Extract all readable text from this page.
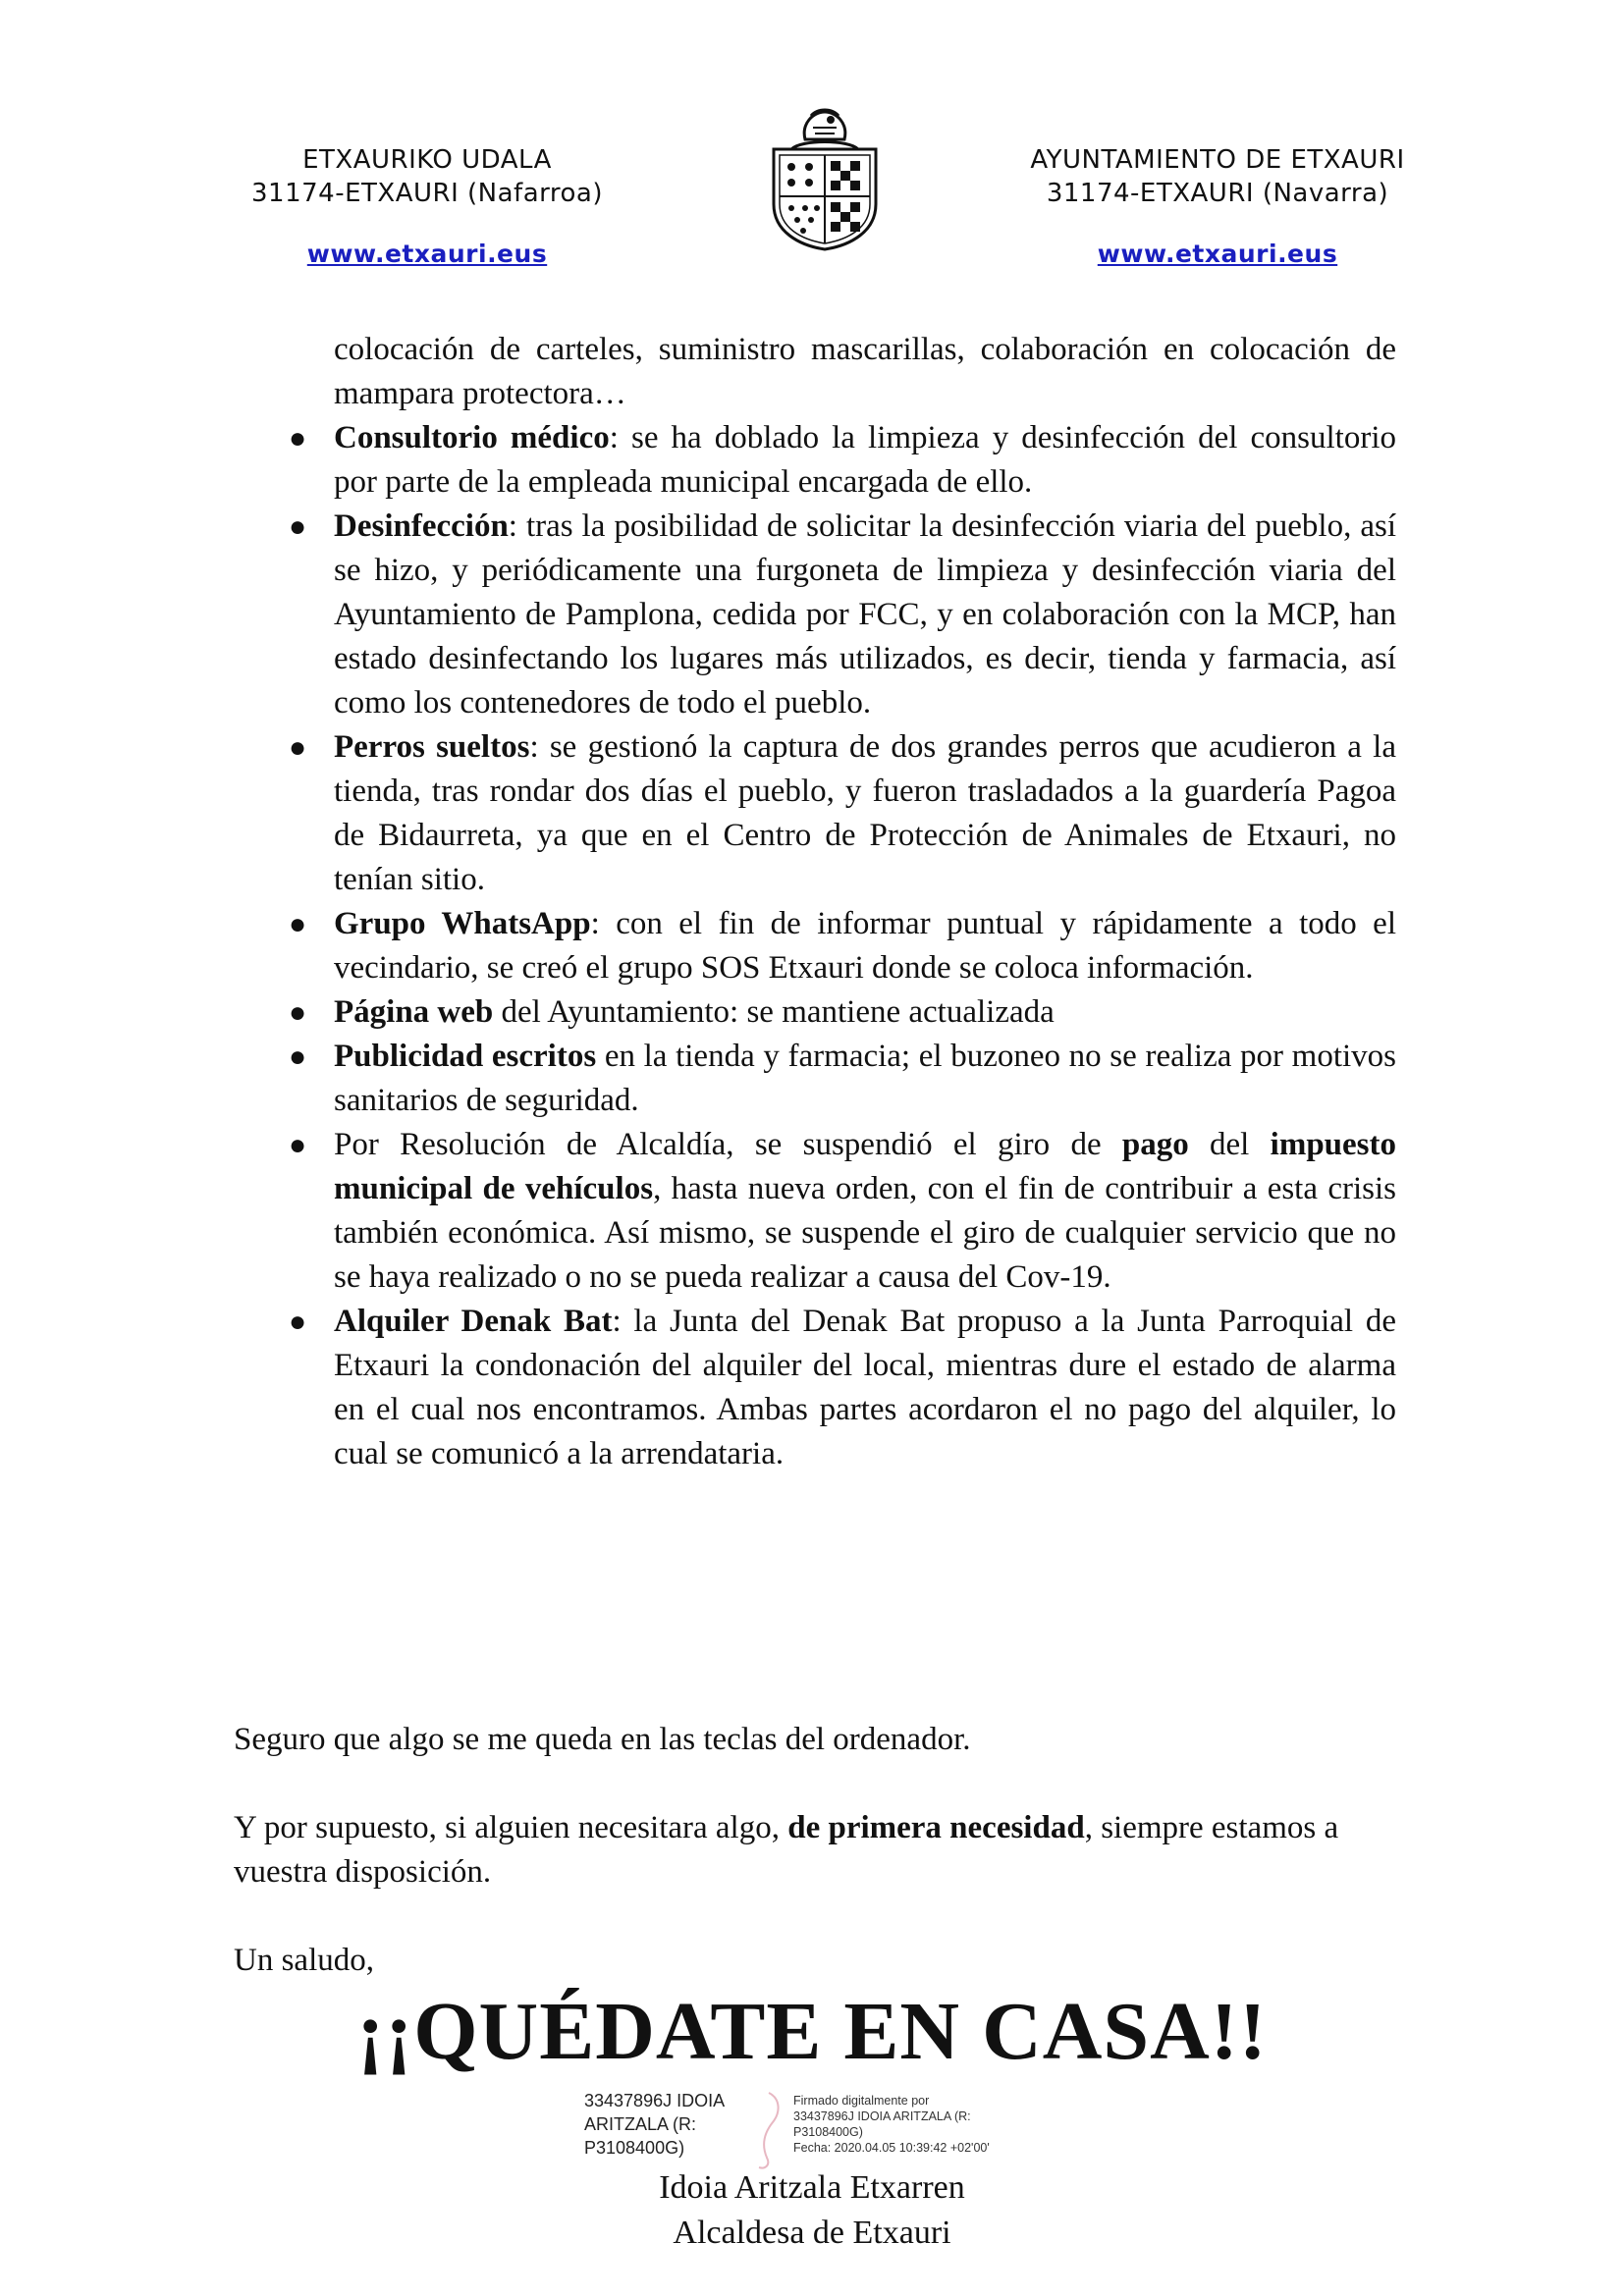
ETXAURIKO UDALA
31174-ETXAURI (Nafarroa)
www.etxauri.eus
AYUNTAMIENTO DE ETXAURI
31174-ETXAURI (Navarra)
www.etxauri.eus
colocación de carteles, suministro mascarillas, colaboración en colocación de mampara protectora…
● Consultorio médico: se ha doblado la limpieza y desinfección del consultorio por parte de la empleada municipal encargada de ello.
● Desinfección: tras la posibilidad de solicitar la desinfección viaria del pueblo, así se hizo, y periódicamente una furgoneta de limpieza y desinfección viaria del Ayuntamiento de Pamplona, cedida por FCC, y en colaboración con la MCP, han estado desinfectando los lugares más utilizados, es decir, tienda y farmacia, así como los contenedores de todo el pueblo.
● Perros sueltos: se gestionó la captura de dos grandes perros que acudieron a la tienda, tras rondar dos días el pueblo, y fueron trasladados a la guardería Pagoa de Bidaurreta, ya que en el Centro de Protección de Animales de Etxauri, no tenían sitio.
● Grupo WhatsApp: con el fin de informar puntual y rápidamente a todo el vecindario, se creó el grupo SOS Etxauri donde se coloca información.
● Página web del Ayuntamiento: se mantiene actualizada
● Publicidad escritos en la tienda y farmacia; el buzoneo no se realiza por motivos sanitarios de seguridad.
● Por Resolución de Alcaldía, se suspendió el giro de pago del impuesto municipal de vehículos, hasta nueva orden, con el fin de contribuir a esta crisis también económica. Así mismo, se suspende el giro de cualquier servicio que no se haya realizado o no se pueda realizar a causa del Cov-19.
● Alquiler Denak Bat: la Junta del Denak Bat propuso a la Junta Parroquial de Etxauri la condonación del alquiler del local, mientras dure el estado de alarma en el cual nos encontramos. Ambas partes acordaron el no pago del alquiler, lo cual se comunicó a la arrendataria.
Seguro que algo se me queda en las teclas del ordenador.
Y por supuesto, si alguien necesitara algo, de primera necesidad, siempre estamos a vuestra disposición.
Un saludo,
¡¡QUÉDATE EN CASA!!
33437896J IDOIA
ARITZALA (R:
P3108400G)
Firmado digitalmente por
33437896J IDOIA ARITZALA (R:
P3108400G)
Fecha: 2020.04.05 10:39:42 +02'00'
Idoia Aritzala Etxarren
Alcaldesa de Etxauri
